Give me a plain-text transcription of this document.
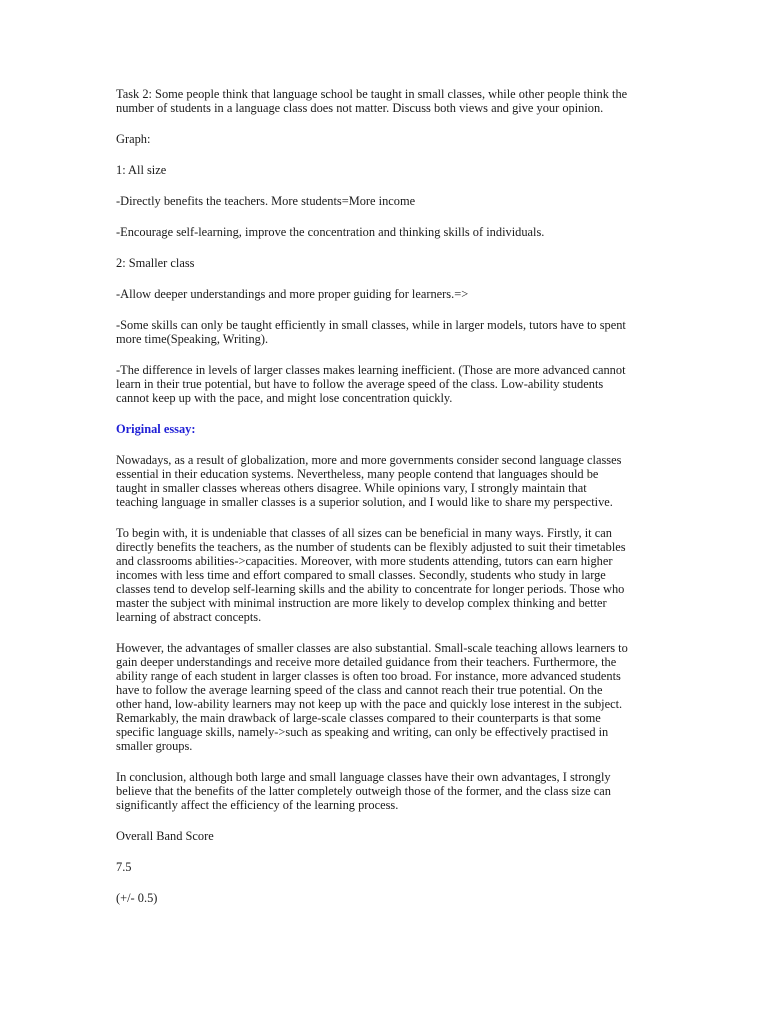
Task 2: Some people think that language school be taught in small classes, while other people think the
number of students in a language class does not matter. Discuss both views and give your opinion.

Graph:

1: All size

-Directly benefits the teachers. More students=More income

-Encourage self-learning, improve the concentration and thinking skills of individuals.

2: Smaller class

-Allow deeper understandings and more proper guiding for learners.=>

-Some skills can only be taught efficiently in small classes, while in larger models, tutors have to spent
more time(Speaking, Writing).

-The difference in levels of larger classes makes learning inefficient. (Those are more advanced cannot
learn in their true potential, but have to follow the average speed of the class. Low-ability students
cannot keep up with the pace, and might lose concentration quickly.

Original essay:

Nowadays, as a result of globalization, more and more governments consider second language classes
essential in their education systems. Nevertheless, many people contend that languages should be
taught in smaller classes whereas others disagree. While opinions vary, I strongly maintain that
teaching language in smaller classes is a superior solution, and I would like to share my perspective.

To begin with, it is undeniable that classes of all sizes can be beneficial in many ways. Firstly, it can
directly benefits the teachers, as the number of students can be flexibly adjusted to suit their timetables
and classrooms abilities->capacities. Moreover, with more students attending, tutors can earn higher
incomes with less time and effort compared to small classes. Secondly, students who study in large
classes tend to develop self-learning skills and the ability to concentrate for longer periods. Those who
master the subject with minimal instruction are more likely to develop complex thinking and better
learning of abstract concepts.

However, the advantages of smaller classes are also substantial. Small-scale teaching allows learners to
gain deeper understandings and receive more detailed guidance from their teachers. Furthermore, the
ability range of each student in larger classes is often too broad. For instance, more advanced students
have to follow the average learning speed of the class and cannot reach their true potential. On the
other hand, low-ability learners may not keep up with the pace and quickly lose interest in the subject.
Remarkably, the main drawback of large-scale classes compared to their counterparts is that some
specific language skills, namely->such as speaking and writing, can only be effectively practised in
smaller groups.

In conclusion, although both large and small language classes have their own advantages, I strongly
believe that the benefits of the latter completely outweigh those of the former, and the class size can
significantly affect the efficiency of the learning process.

Overall Band Score

7.5

(+/- 0.5)
